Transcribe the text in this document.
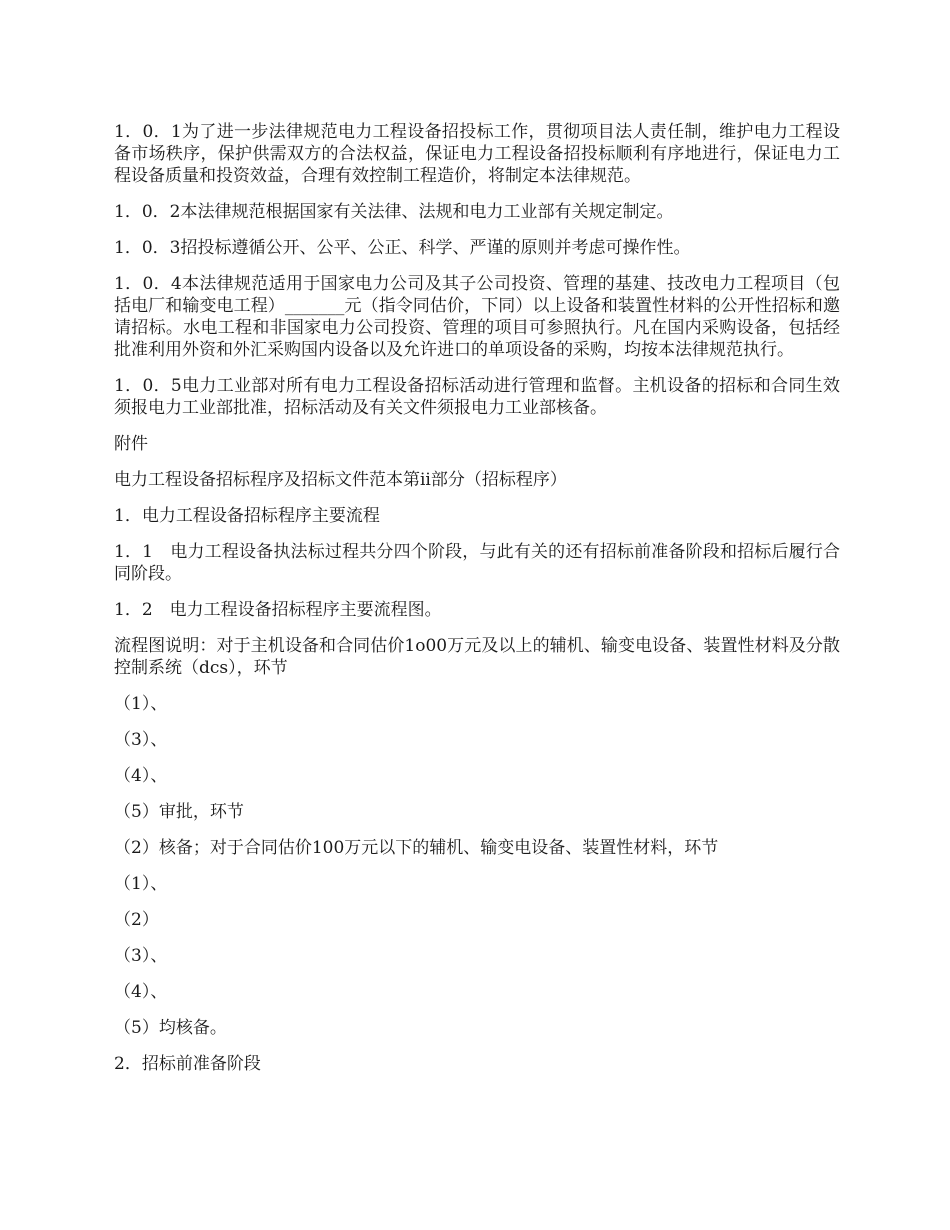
1．0．1为了进一步法律规范电力工程设备招投标工作，贯彻项目法人责任制，维护电力工程设备市场秩序，保护供需双方的合法权益，保证电力工程设备招投标顺利有序地进行，保证电力工程设备质量和投资效益，合理有效控制工程造价，将制定本法律规范。

1．0．2本法律规范根据国家有关法律、法规和电力工业部有关规定制定。

1．0．3招投标遵循公开、公平、公正、科学、严谨的原则并考虑可操作性。

1．0．4本法律规范适用于国家电力公司及其子公司投资、管理的基建、技改电力工程项目（包括电厂和输变电工程）_______元（指令同估价，下同）以上设备和装置性材料的公开性招标和邀请招标。水电工程和非国家电力公司投资、管理的项目可参照执行。凡在国内采购设备，包括经批准利用外资和外汇采购国内设备以及允许进口的单项设备的采购，均按本法律规范执行。

1．0．5电力工业部对所有电力工程设备招标活动进行管理和监督。主机设备的招标和合同生效须报电力工业部批准，招标活动及有关文件须报电力工业部核备。

附件

电力工程设备招标程序及招标文件范本第ii部分（招标程序）

1．电力工程设备招标程序主要流程

1．1　电力工程设备执法标过程共分四个阶段，与此有关的还有招标前准备阶段和招标后履行合同阶段。

1．2　电力工程设备招标程序主要流程图。

流程图说明：对于主机设备和合同估价1o00万元及以上的辅机、输变电设备、装置性材料及分散控制系统（dcs），环节

（1）、

（3）、

（4）、

（5）审批，环节

（2）核备；对于合同估价100万元以下的辅机、输变电设备、装置性材料，环节

（1）、

（2）

（3）、

（4）、

（5）均核备。

2．招标前准备阶段
